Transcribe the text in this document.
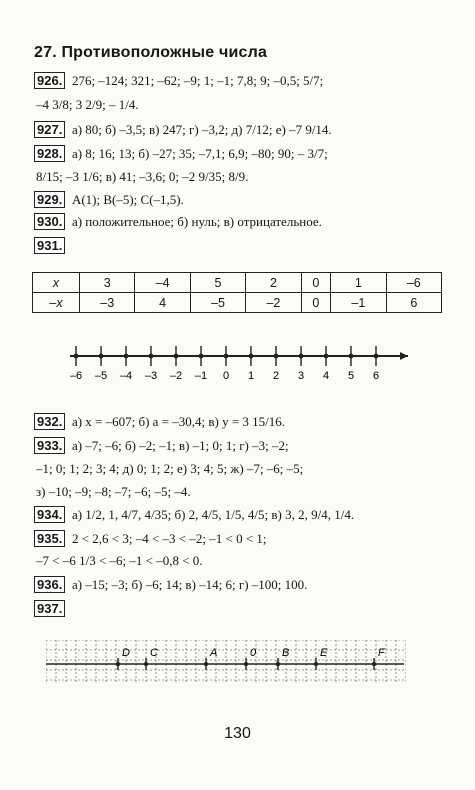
27. Противоположные числа
926. 276; –124; 321; –62; –9; 1; –1; 7,8; 9; –0,5; 5/7;
–4 3/8; 3 2/9; – 1/4.
927. а) 80; б) –3,5; в) 247; г) –3,2; д) 7/12; е) –7 9/14.
928. а) 8; 16; 13; б) –27; 35; –7,1; 6,9; –80; 90; – 3/7;
8/15; –3 1/6; в) 41; –3,6; 0; –2 9/35; 8/9.
929. A(1); B(–5); C(–1,5).
930. а) положительное; б) нуль; в) отрицательное.
931.
x	3	–4	5	2	0	1	–6
–x	–3	4	–5	–2	0	–1	6
–6 –5 –4 –3 –2 –1 0 1 2 3 4 5 6
932. а) x = –607; б) a = –30,4; в) y = 3 15/16.
933. а) –7; –6; б) –2; –1; в) –1; 0; 1; г) –3; –2;
–1; 0; 1; 2; 3; 4; д) 0; 1; 2; е) 3; 4; 5; ж) –7; –6; –5;
з) –10; –9; –8; –7; –6; –5; –4.
934. а) 1/2, 1, 4/7, 4/35; б) 2, 4/5, 1/5, 4/5; в) 3, 2, 9/4, 1/4.
935. 2 < 2,6 < 3; –4 < –3 < –2; –1 < 0 < 1;
–7 < –6 1/3 < –6; –1 < –0,8 < 0.
936. а) –15; –3; б) –6; 14; в) –14; 6; г) –100; 100.
937.
D C	A	0 B	E	F
130
